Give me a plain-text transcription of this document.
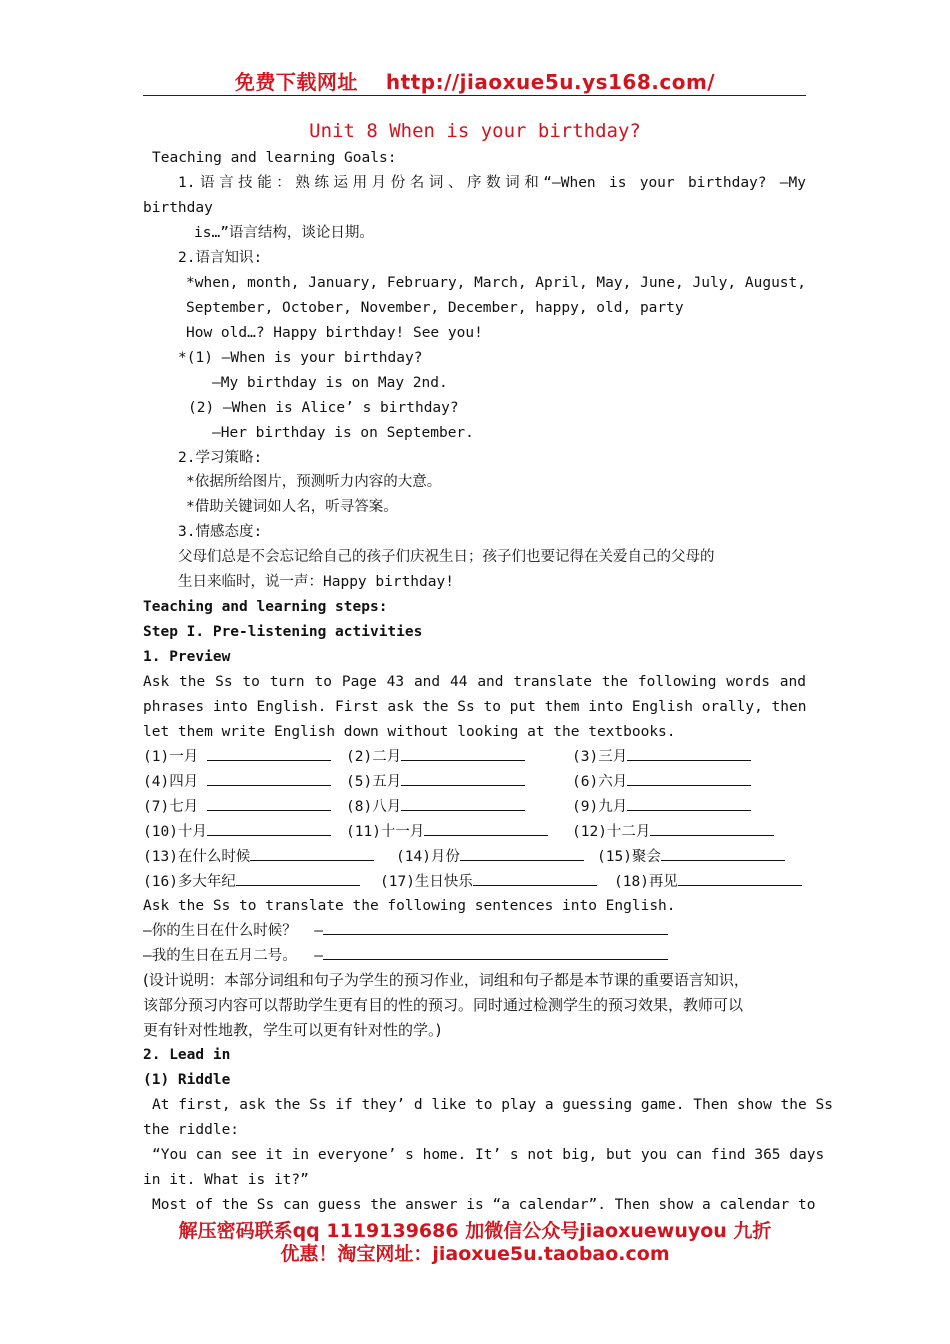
免费下载网址 http://jiaoxue5u.ys168.com/
Unit 8 When is your birthday?
Teaching and learning Goals:
1.语言技能：熟练运用月份名词、序数词和“—When is your birthday? —My
birthday
is…”语言结构，谈论日期。
2.语言知识:
*when, month, January, February, March, April, May, June, July, August,
September, October, November, December, happy, old, party
How old…? Happy birthday! See you!
*(1) —When is your birthday?
—My birthday is on May 2nd.
(2) —When is Alice’ s birthday?
—Her birthday is on September.
2.学习策略:
*依据所给图片，预测听力内容的大意。
*借助关键词如人名，听寻答案。
3.情感态度:
父母们总是不会忘记给自己的孩子们庆祝生日；孩子们也要记得在关爱自己的父母的
生日来临时，说一声：Happy birthday!
Teaching and learning steps:
Step I. Pre-listening activities
1. Preview
Ask the Ss to turn to Page 43 and 44 and translate the following words and
phrases into English. First ask the Ss to put them into English orally, then
let them write English down without looking at the textbooks.
(1)一月	(2)二月	(3)三月
(4)四月	(5)五月	(6)六月
(7)七月	(8)八月	(9)九月
(10)十月	(11)十一月	(12)十二月
(13)在什么时候	(14)月份	(15)聚会
(16)多大年纪	(17)生日快乐	(18)再见
Ask the Ss to translate the following sentences into English.
—你的生日在什么时候？ —
—我的生日在五月二号。 —
(设计说明：本部分词组和句子为学生的预习作业，词组和句子都是本节课的重要语言知识，
该部分预习内容可以帮助学生更有目的性的预习。同时通过检测学生的预习效果，教师可以
更有针对性地教，学生可以更有针对性的学。)
2. Lead in
(1) Riddle
At first, ask the Ss if they’ d like to play a guessing game. Then show the Ss
the riddle:
“You can see it in everyone’ s home. It’ s not big, but you can find 365 days
in it. What is it?”
Most of the Ss can guess the answer is “a calendar”. Then show a calendar to
解压密码联系qq 1119139686 加微信公众号jiaoxuewuyou 九折
优惠！淘宝网址：jiaoxue5u.taobao.com
